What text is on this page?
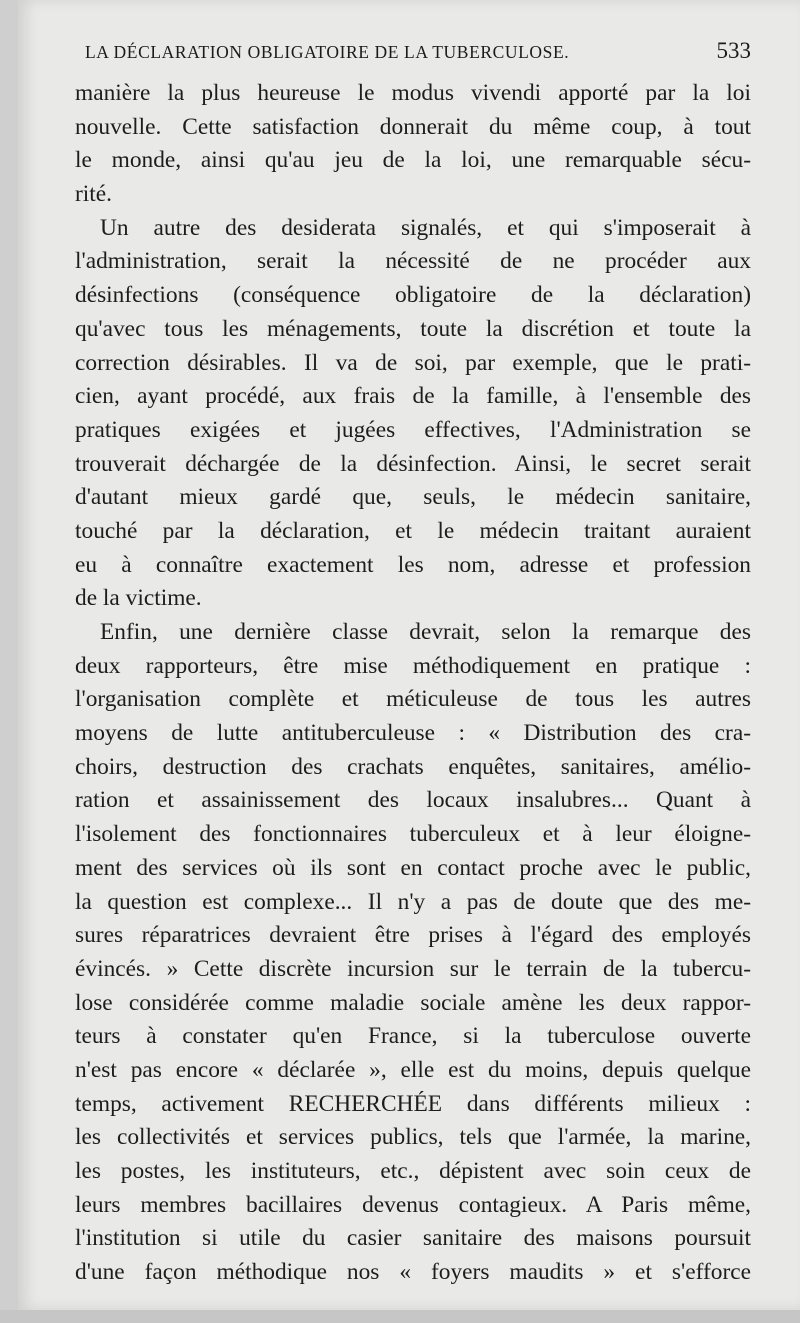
LA DÉCLARATION OBLIGATOIRE DE LA TUBERCULOSE.	533
manière la plus heureuse le modus vivendi apporté par la loi
nouvelle. Cette satisfaction donnerait du même coup, à tout
le monde, ainsi qu'au jeu de la loi, une remarquable sécu-
rité.
Un autre des desiderata signalés, et qui s'imposerait à
l'administration, serait la nécessité de ne procéder aux
désinfections (conséquence obligatoire de la déclaration)
qu'avec tous les ménagements, toute la discrétion et toute la
correction désirables. Il va de soi, par exemple, que le prati-
cien, ayant procédé, aux frais de la famille, à l'ensemble des
pratiques exigées et jugées effectives, l'Administration se
trouverait déchargée de la désinfection. Ainsi, le secret serait
d'autant mieux gardé que, seuls, le médecin sanitaire,
touché par la déclaration, et le médecin traitant auraient
eu à connaître exactement les nom, adresse et profession
de la victime.
Enfin, une dernière classe devrait, selon la remarque des
deux rapporteurs, être mise méthodiquement en pratique :
l'organisation complète et méticuleuse de tous les autres
moyens de lutte antituberculeuse : « Distribution des cra-
choirs, destruction des crachats enquêtes, sanitaires, amélio-
ration et assainissement des locaux insalubres... Quant à
l'isolement des fonctionnaires tuberculeux et à leur éloigne-
ment des services où ils sont en contact proche avec le public,
la question est complexe... Il n'y a pas de doute que des me-
sures réparatrices devraient être prises à l'égard des employés
évincés. » Cette discrète incursion sur le terrain de la tubercu-
lose considérée comme maladie sociale amène les deux rappor-
teurs à constater qu'en France, si la tuberculose ouverte
n'est pas encore « déclarée », elle est du moins, depuis quelque
temps, activement RECHERCHÉE dans différents milieux :
les collectivités et services publics, tels que l'armée, la marine,
les postes, les instituteurs, etc., dépistent avec soin ceux de
leurs membres bacillaires devenus contagieux. A Paris même,
l'institution si utile du casier sanitaire des maisons poursuit
d'une façon méthodique nos « foyers maudits » et s'efforce
